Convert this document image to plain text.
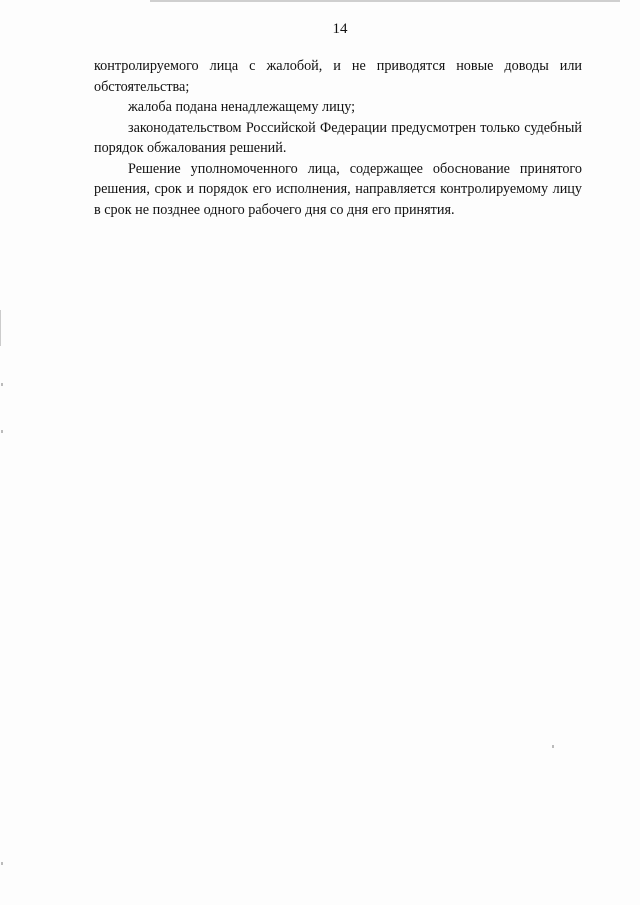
14

контролируемого лица с жалобой, и не приводятся новые доводы или обстоятельства;

жалоба подана ненадлежащему лицу;

законодательством Российской Федерации предусмотрен только судебный порядок обжалования решений.

Решение уполномоченного лица, содержащее обоснование принятого решения, срок и порядок его исполнения, направляется контролируемому лицу в срок не позднее одного рабочего дня со дня его принятия.
